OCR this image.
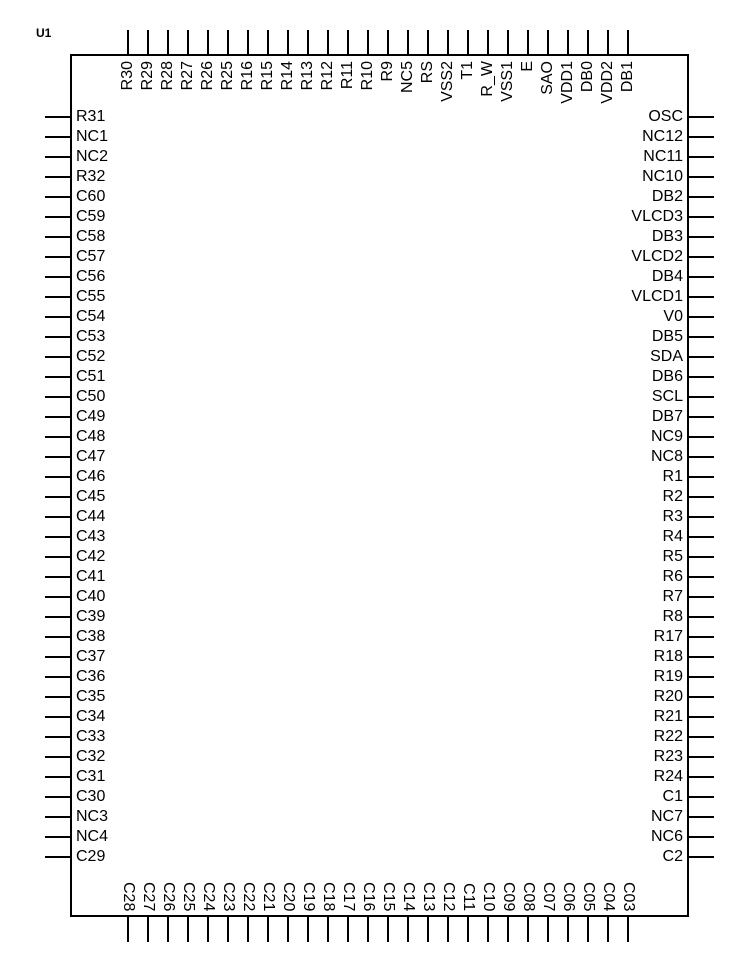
U1
R30 R29 R28 R27 R26 R25 R16 R15 R14 R13 R12 R11 R10 R9 NC5 RS VSS2 T1 R_W VSS1 E SAO VDD1 DB0 VDD2 DB1
C28 C27 C26 C25 C24 C23 C22 C21 C20 C19 C18 C17 C16 C15 C14 C13 C12 C11 C10 C09 C08 C07 C06 C05 C04 C03
R31
NC1
NC2
R32
C60
C59
C58
C57
C56
C55
C54
C53
C52
C51
C50
C49
C48
C47
C46
C45
C44
C43
C42
C41
C40
C39
C38
C37
C36
C35
C34
C33
C32
C31
C30
NC3
NC4
C29
OSC
NC12
NC11
NC10
DB2
VLCD3
DB3
VLCD2
DB4
VLCD1
V0
DB5
SDA
DB6
SCL
DB7
NC9
NC8
R1
R2
R3
R4
R5
R6
R7
R8
R17
R18
R19
R20
R21
R22
R23
R24
C1
NC7
NC6
C2
